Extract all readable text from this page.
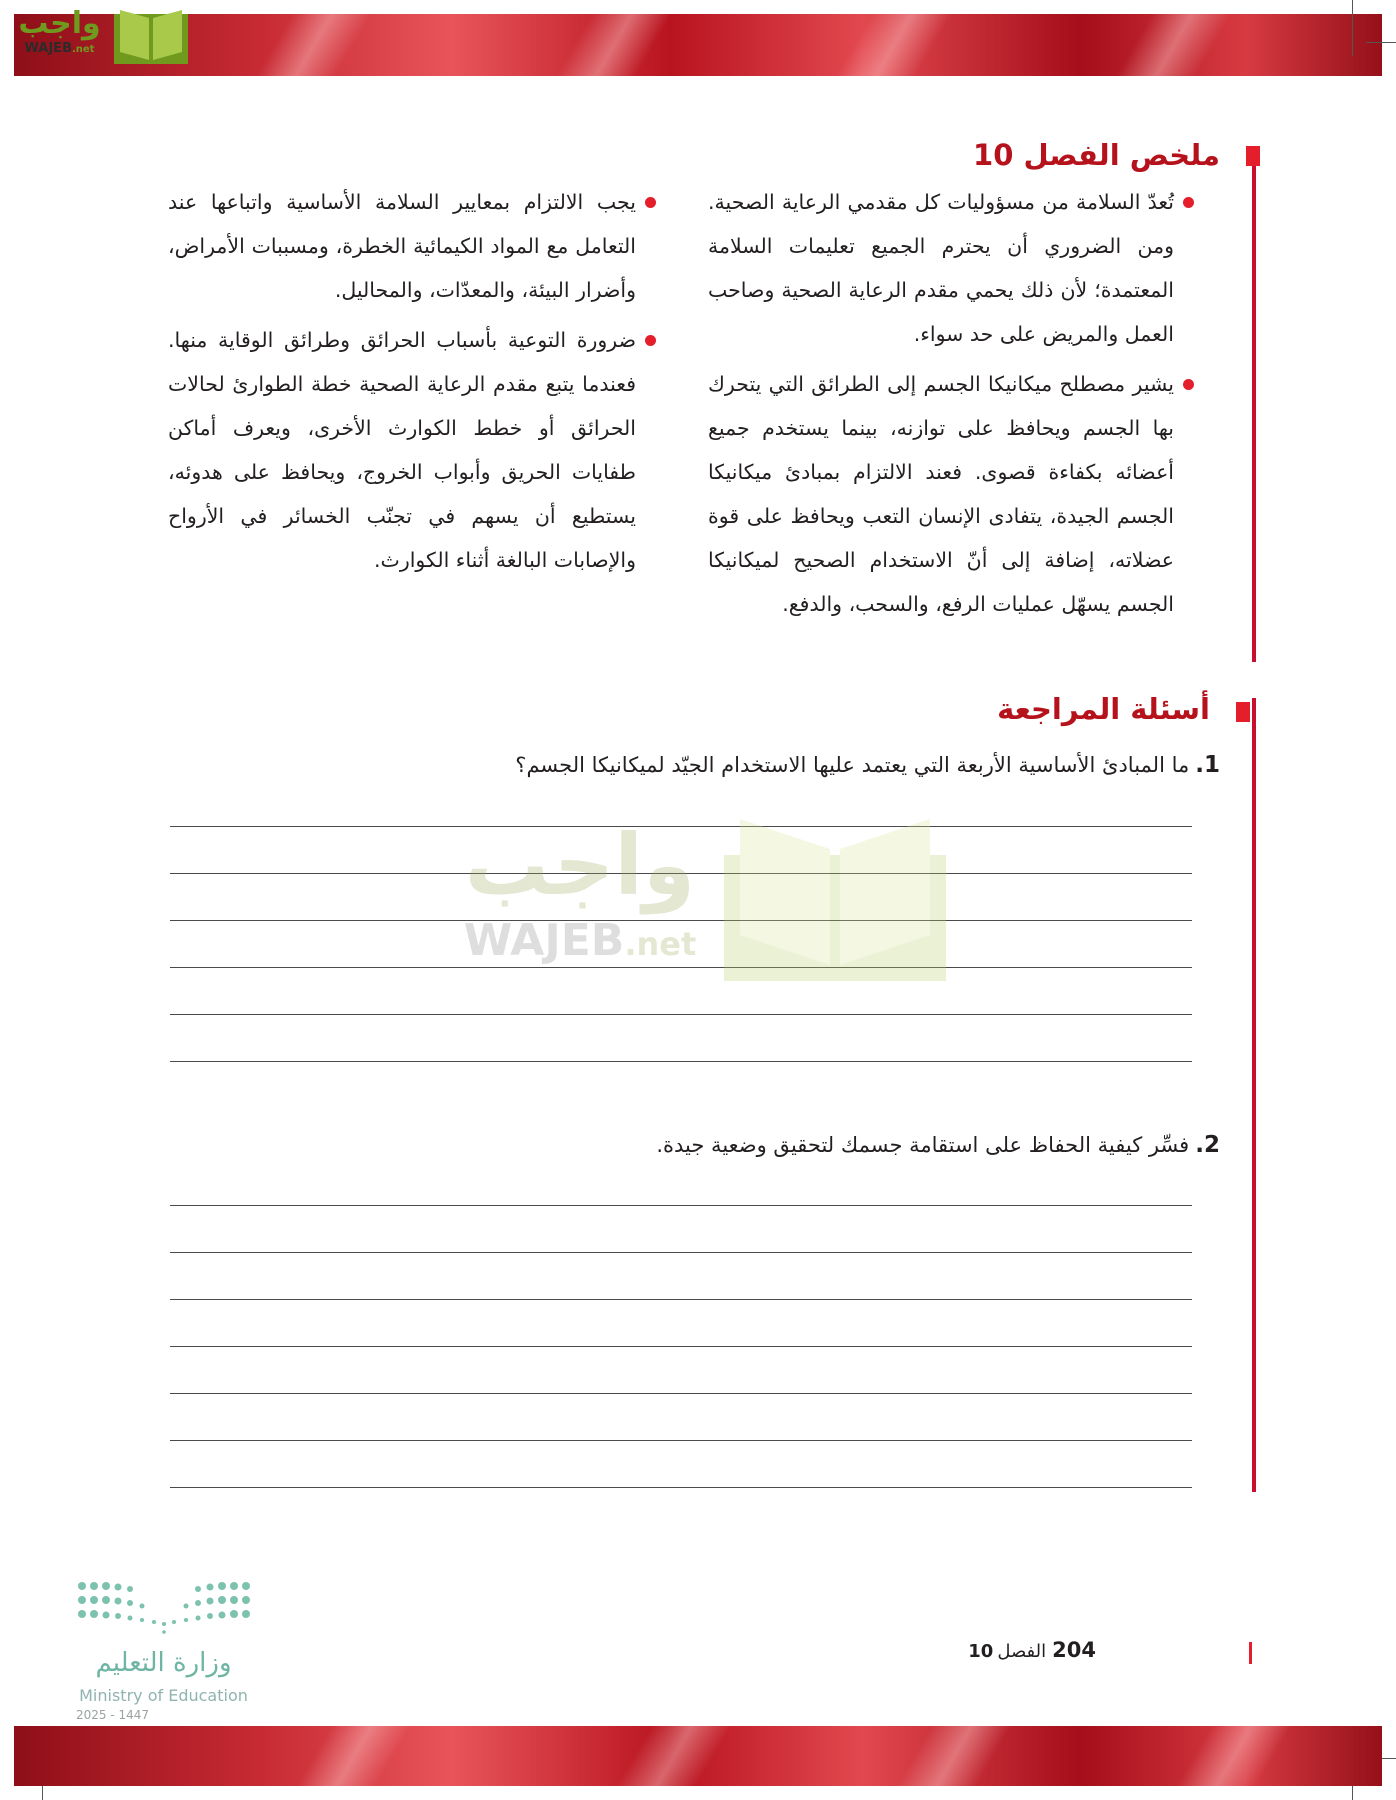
واجب
WAJEB.net
ملخص الفصل 10

تُعدّ السلامة من مسؤوليات كل مقدمي الرعاية الصحية. ومن الضروري أن يحترم الجميع تعليمات السلامة المعتمدة؛ لأن ذلك يحمي مقدم الرعاية الصحية وصاحب العمل والمريض على حد سواء.

يشير مصطلح ميكانيكا الجسم إلى الطرائق التي يتحرك بها الجسم ويحافظ على توازنه، بينما يستخدم جميع أعضائه بكفاءة قصوى. فعند الالتزام بمبادئ ميكانيكا الجسم الجيدة، يتفادى الإنسان التعب ويحافظ على قوة عضلاته، إضافة إلى أنّ الاستخدام الصحيح لميكانيكا الجسم يسهّل عمليات الرفع، والسحب، والدفع.

يجب الالتزام بمعايير السلامة الأساسية واتباعها عند التعامل مع المواد الكيمائية الخطرة، ومسببات الأمراض، وأضرار البيئة، والمعدّات، والمحاليل.

ضرورة التوعية بأسباب الحرائق وطرائق الوقاية منها. فعندما يتبع مقدم الرعاية الصحية خطة الطوارئ لحالات الحرائق أو خطط الكوارث الأخرى، ويعرف أماكن طفايات الحريق وأبواب الخروج، ويحافظ على هدوئه، يستطيع أن يسهم في تجنّب الخسائر في الأرواح والإصابات البالغة أثناء الكوارث.

أسئلة المراجعة
1.ما المبادئ الأساسية الأربعة التي يعتمد عليها الاستخدام الجيّد لميكانيكا الجسم؟
واجب
WAJEB.net
2.فسِّر كيفية الحفاظ على استقامة جسمك لتحقيق وضعية جيدة.
204الفصل10
وزارة التعليم
Ministry of Education
2025 - 1447
